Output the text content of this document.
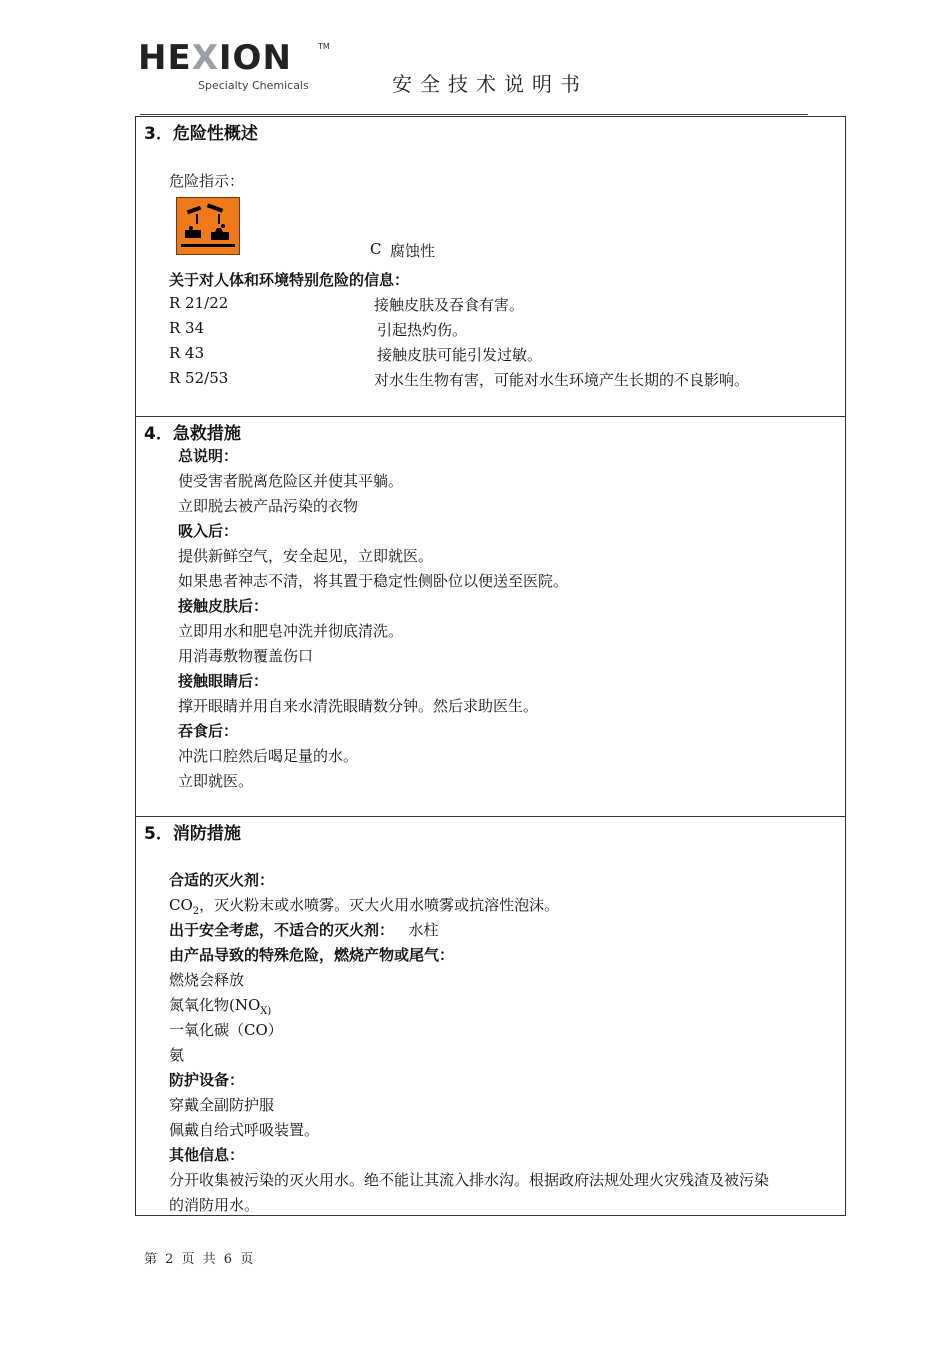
HEXION	TM
Specialty Chemicals	安全技术说明书
3．危险性概述
危险指示：
C 腐蚀性
关于对人体和环境特别危险的信息：
R 21/22	接触皮肤及吞食有害。
R 34	引起热灼伤。
R 43	接触皮肤可能引发过敏。
R 52/53	对水生生物有害，可能对水生环境产生长期的不良影响。
4．急救措施
总说明：
使受害者脱离危险区并使其平躺。
立即脱去被产品污染的衣物
吸入后：
提供新鲜空气，安全起见，立即就医。
如果患者神志不清，将其置于稳定性侧卧位以便送至医院。
接触皮肤后：
立即用水和肥皂冲洗并彻底清洗。
用消毒敷物覆盖伤口
接触眼睛后：
撑开眼睛并用自来水清洗眼睛数分钟。然后求助医生。
吞食后：
冲洗口腔然后喝足量的水。
立即就医。
5．消防措施
合适的灭火剂：
$CO_2$，灭火粉末或水喷雾。灭大火用水喷雾或抗溶性泡沫。
出于安全考虑，不适合的灭火剂： 水柱
由产品导致的特殊危险，燃烧产物或尾气：
燃烧会释放
氮氧化物($NO_{X)}$
一氧化碳（CO）
氨
防护设备：
穿戴全副防护服
佩戴自给式呼吸装置。
其他信息：
分开收集被污染的灭火用水。绝不能让其流入排水沟。根据政府法规处理火灾残渣及被污染
的消防用水。
第 2 页 共 6 页
